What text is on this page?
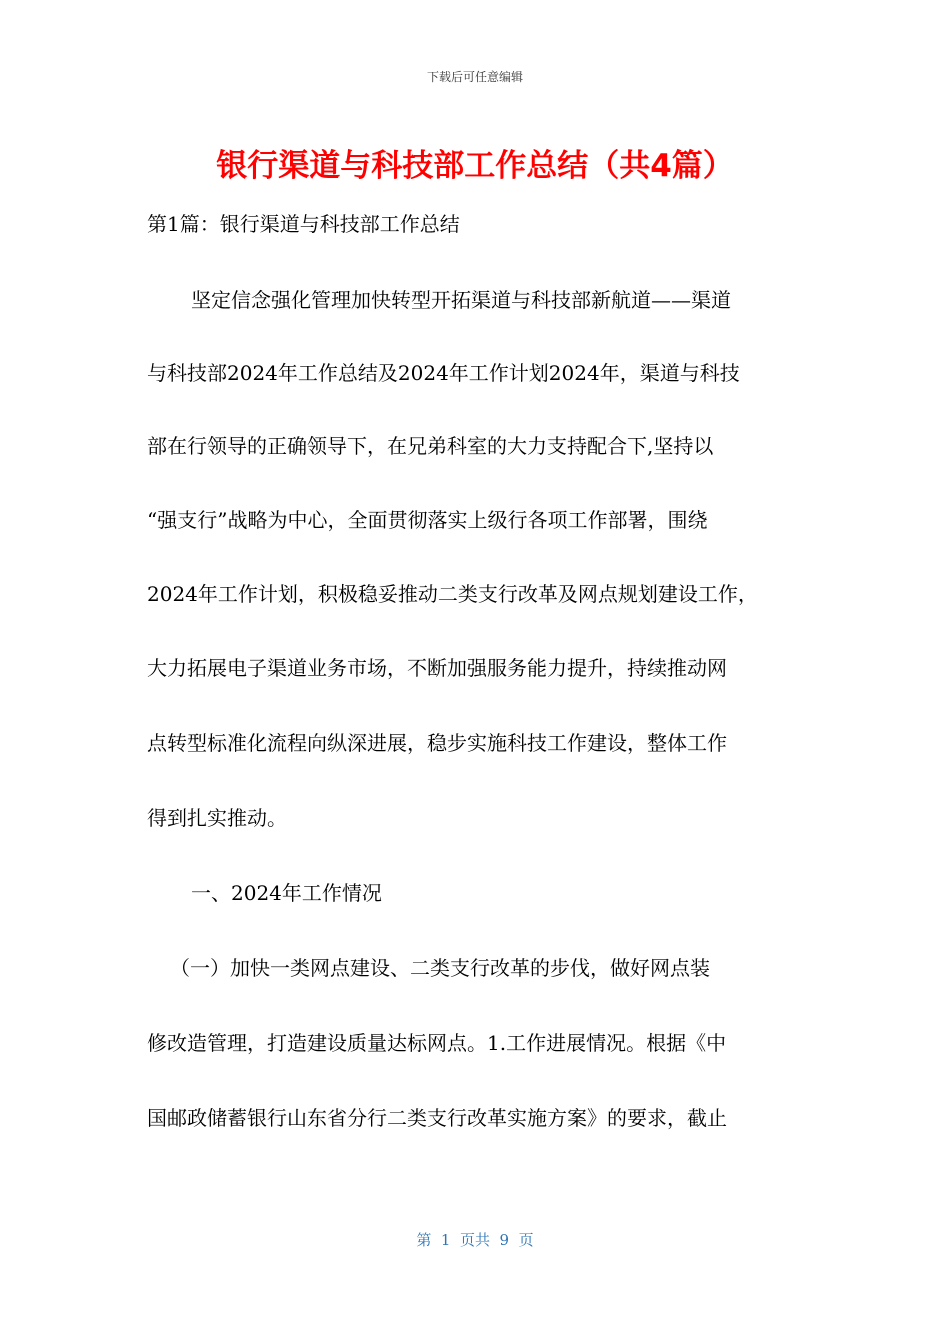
下载后可任意编辑
银行渠道与科技部工作总结（共4篇）
第1篇：银行渠道与科技部工作总结
坚定信念强化管理加快转型开拓渠道与科技部新航道——渠道
与科技部2024年工作总结及2024年工作计划2024年，渠道与科技
部在行领导的正确领导下，在兄弟科室的大力支持配合下,坚持以
“强支行”战略为中心，全面贯彻落实上级行各项工作部署，围绕
2024年工作计划，积极稳妥推动二类支行改革及网点规划建设工作，
大力拓展电子渠道业务市场，不断加强服务能力提升，持续推动网
点转型标准化流程向纵深进展，稳步实施科技工作建设，整体工作
得到扎实推动。
一、2024年工作情况
（一）加快一类网点建设、二类支行改革的步伐，做好网点装
修改造管理，打造建设质量达标网点。1.工作进展情况。根据《中
国邮政储蓄银行山东省分行二类支行改革实施方案》的要求，截止
第  1  页共  9  页
